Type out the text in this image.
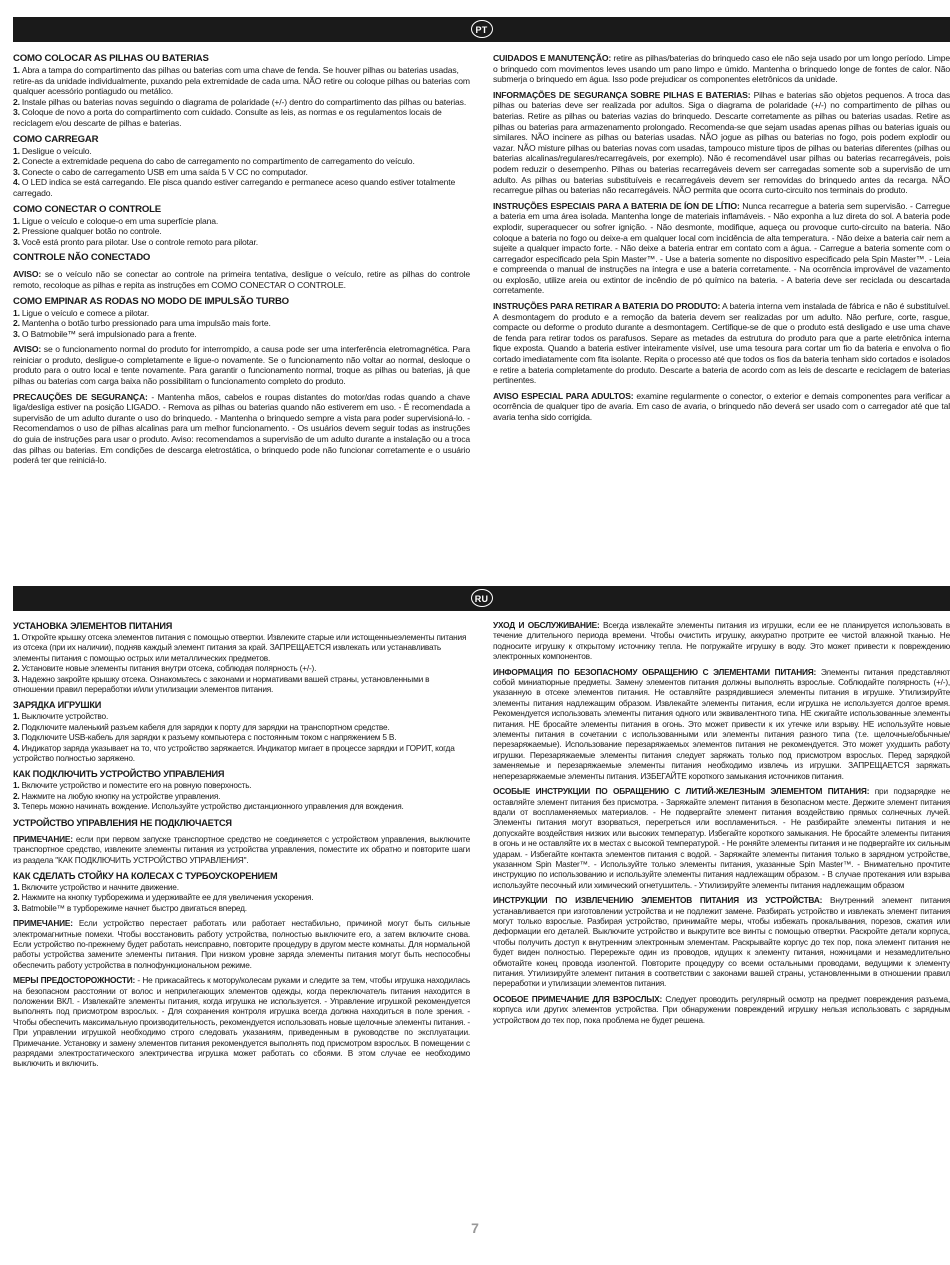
PT
COMO COLOCAR AS PILHAS OU BATERIAS
1. Abra a tampa do compartimento das pilhas ou baterias com uma chave de fenda. Se houver pilhas ou baterias usadas, retire-as da unidade individualmente, puxando pela extremidade de cada uma. NÃO retire ou coloque pilhas ou baterias com qualquer acessório pontiagudo ou metálico.
2. Instale pilhas ou baterias novas seguindo o diagrama de polaridade (+/-) dentro do compartimento das pilhas ou baterias.
3. Coloque de novo a porta do compartimento com cuidado. Consulte as leis, as normas e os regulamentos locais de reciclagem e/ou descarte de pilhas e baterias.
COMO CARREGAR
1. Desligue o veículo.
2. Conecte a extremidade pequena do cabo de carregamento no compartimento de carregamento do veículo.
3. Conecte o cabo de carregamento USB em uma saída 5 V CC no computador.
4. O LED indica se está carregando. Ele pisca quando estiver carregando e permanece aceso quando estiver totalmente carregado.
COMO CONECTAR O CONTROLE
1. Ligue o veículo e coloque-o em uma superfície plana.
2. Pressione qualquer botão no controle.
3. Você está pronto para pilotar. Use o controle remoto para pilotar.
CONTROLE NÃO CONECTADO

AVISO: se o veículo não se conectar ao controle na primeira tentativa, desligue o veículo, retire as pilhas do controle remoto, recoloque as pilhas e repita as instruções em COMO CONECTAR O CONTROLE.

COMO EMPINAR AS RODAS NO MODO DE IMPULSÃO TURBO
1. Ligue o veículo e comece a pilotar.
2. Mantenha o botão turbo pressionado para uma impulsão mais forte.
3. O Batmobile™ será impulsionado para a frente.

AVISO: se o funcionamento normal do produto for interrompido, a causa pode ser uma interferência eletromagnética. Para reiniciar o produto, desligue-o completamente e ligue-o novamente. Se o funcionamento não voltar ao normal, desloque o produto para o outro local e tente novamente. Para garantir o funcionamento normal, troque as pilhas ou baterias, já que pilhas ou baterias com carga baixa não possibilitam o funcionamento completo do produto.

PRECAUÇÕES DE SEGURANÇA: - Mantenha mãos, cabelos e roupas distantes do motor/das rodas quando a chave liga/desliga estiver na posição LIGADO. - Remova as pilhas ou baterias quando não estiverem em uso. - É recomendada a supervisão de um adulto durante o uso do brinquedo. - Mantenha o brinquedo sempre a vista para poder supervisioná-lo. - Recomendamos o uso de pilhas alcalinas para um melhor funcionamento. - Os usuários devem seguir todas as instruções do guia de instruções para usar o produto. Aviso: recomendamos a supervisão de um adulto durante a instalação ou a troca das pilhas ou baterias. Em condições de descarga eletrostática, o brinquedo pode não funcionar corretamente e o usuário poderá ter que reiniciá-lo.

CUIDADOS E MANUTENÇÃO: retire as pilhas/baterias do brinquedo caso ele não seja usado por um longo período. Limpe o brinquedo com movimentos leves usando um pano limpo e úmido. Mantenha o brinquedo longe de fontes de calor. Não submerja o brinquedo em água. Isso pode prejudicar os componentes eletrônicos da unidade.

INFORMAÇÕES DE SEGURANÇA SOBRE PILHAS E BATERIAS: Pilhas e baterias são objetos pequenos. A troca das pilhas ou baterias deve ser realizada por adultos. Siga o diagrama de polaridade (+/-) no compartimento de pilhas ou baterias. Retire as pilhas ou baterias vazias do brinquedo. Descarte corretamente as pilhas ou baterias usadas. Retire as pilhas ou baterias para armazenamento prolongado. Recomenda-se que sejam usadas apenas pilhas ou baterias iguais ou similares. NÃO incinere as pilhas ou baterias usadas. NÃO jogue as pilhas ou baterias no fogo, pois podem explodir ou vazar. NÃO misture pilhas ou baterias novas com usadas, tampouco misture tipos de pilhas ou baterias diferentes (pilhas ou baterias alcalinas/regulares/recarregáveis, por exemplo). Não é recomendável usar pilhas ou baterias recarregáveis, pois podem reduzir o desempenho. Pilhas ou baterias recarregáveis devem ser carregadas somente sob a supervisão de um adulto. As pilhas ou baterias substituíveis e recarregáveis devem ser removidas do brinquedo antes da recarga. NÃO recarregue pilhas ou baterias não recarregáveis. NÃO permita que ocorra curto-circuito nos terminais do produto.

INSTRUÇÕES ESPECIAIS PARA A BATERIA DE ÍON DE LÍTIO: Nunca recarregue a bateria sem supervisão. - Carregue a bateria em uma área isolada. Mantenha longe de materiais inflamáveis. - Não exponha a luz direta do sol. A bateria pode explodir, superaquecer ou sofrer ignição. - Não desmonte, modifique, aqueça ou provoque curto-circuito na bateria. Não coloque a bateria no fogo ou deixe-a em qualquer local com incidência de alta temperatura. - Não deixe a bateria cair nem a sujeite a qualquer impacto forte. - Não deixe a bateria entrar em contato com a água. - Carregue a bateria somente com o carregador especificado pela Spin Master™. - Use a bateria somente no dispositivo especificado pela Spin Master™. - Leia e compreenda o manual de instruções na íntegra e use a bateria corretamente. - Na ocorrência improvável de vazamento ou explosão, utilize areia ou extintor de incêndio de pó químico na bateria. - A bateria deve ser reciclada ou descartada corretamente.

INSTRUÇÕES PARA RETIRAR A BATERIA DO PRODUTO: A bateria interna vem instalada de fábrica e não é substituível. A desmontagem do produto e a remoção da bateria devem ser realizadas por um adulto. Não perfure, corte, rasgue, compacte ou deforme o produto durante a desmontagem. Certifique-se de que o produto está desligado e use uma chave de fenda para retirar todos os parafusos. Separe as metades da estrutura do produto para que a parte eletrônica interna fique exposta. Quando a bateria estiver inteiramente visível, use uma tesoura para cortar um fio da bateria e envolva o fio cortado imediatamente com fita isolante. Repita o processo até que todos os fios da bateria tenham sido cortados e isolados e retire a bateria completamente do produto. Descarte a bateria de acordo com as leis de descarte e reciclagem de baterias pertinentes.

AVISO ESPECIAL PARA ADULTOS: examine regularmente o conector, o exterior e demais componentes para verificar a ocorrência de qualquer tipo de avaria. Em caso de avaria, o brinquedo não deverá ser usado com o carregador até que tal avaria tenha sido corrigida.

RU
УСТАНОВКА ЭЛЕМЕНТОВ ПИТАНИЯ
1. Откройте крышку отсека элементов питания с помощью отвертки. Извлеките старые или истощенныеэлементы питания из отсека (при их наличии), подняв каждый элемент питания за край. ЗАПРЕЩАЕТСЯ извлекать или устанавливать элементы питания с помощью острых или металлических предметов.
2. Установите новые элементы питания внутри отсека, соблюдая полярность (+/-).
3. Надежно закройте крышку отсека. Ознакомьтесь с законами и нормативами вашей страны, установленными в отношении правил переработки и/или утилизации элементов питания.
ЗАРЯДКА ИГРУШКИ
1. Выключите устройство.
2. Подключите маленький разъем кабеля для зарядки к порту для зарядки на транспортном средстве.
3. Подключите USB-кабель для зарядки к разъему компьютера с постоянным током с напряжением 5 В.
4. Индикатор заряда указывает на то, что устройство заряжается. Индикатор мигает в процессе зарядки и ГОРИТ, когда устройство полностью заряжено.
КАК ПОДКЛЮЧИТЬ УСТРОЙСТВО УПРАВЛЕНИЯ
1. Включите устройство и поместите его на ровную поверхность.
2. Нажмите на любую кнопку на устройстве управления.
3. Теперь можно начинать вождение. Используйте устройство дистанционного управления для вождения.
УСТРОЙСТВО УПРАВЛЕНИЯ НЕ ПОДКЛЮЧАЕТСЯ

ПРИМЕЧАНИЕ: если при первом запуске транспортное средство не соединяется с устройством управления, выключите транспортное средство, извлеките элементы питания из устройства управления, поместите их обратно и повторите шаги из раздела "КАК ПОДКЛЮЧИТЬ УСТРОЙСТВО УПРАВЛЕНИЯ".

КАК СДЕЛАТЬ СТОЙКУ НА КОЛЕСАХ С ТУРБОУСКОРЕНИЕМ
1. Включите устройство и начните движение.
2. Нажмите на кнопку турборежима и удерживайте ее для увеличения ускорения.
3. Batmobile™ в турборежиме начнет быстро двигаться вперед.

ПРИМЕЧАНИЕ: Если устройство перестает работать или работает нестабильно, причиной могут быть сильные электромагнитные помехи. Чтобы восстановить работу устройства, полностью выключите его, а затем включите снова. Если устройство по-прежнему будет работать неисправно, повторите процедуру в другом месте комнаты. Для нормальной работы устройства замените элементы питания. При низком уровне заряда элементы питания могут быть неспособны обеспечить работу устройства в полнофункциональном режиме.

МЕРЫ ПРЕДОСТОРОЖНОСТИ: - Не прикасайтесь к мотору/колесам руками и следите за тем, чтобы игрушка находилась на безопасном расстоянии от волос и неприлегающих элементов одежды, когда переключатель питания находится в положении ВКЛ. - Извлекайте элементы питания, когда игрушка не используется. - Управление игрушкой рекомендуется выполнять под присмотром взрослых. - Для сохранения контроля игрушка всегда должна находиться в поле зрения. - Чтобы обеспечить максимальную производительность, рекомендуется использовать новые щелочные элементы питания. - При управлении игрушкой необходимо строго следовать указаниям, приведенным в руководстве по эксплуатации. Примечание. Установку и замену элементов питания рекомендуется выполнять под присмотром взрослых. В помещении с разрядами электростатического электричества игрушка может работать со сбоями. В этом случае ее необходимо выключить и включить.

УХОД И ОБСЛУЖИВАНИЕ: Всегда извлекайте элементы питания из игрушки, если ее не планируется использовать в течение длительного периода времени. Чтобы очистить игрушку, аккуратно протрите ее чистой влажной тканью. Не подносите игрушку к открытому источнику тепла. Не погружайте игрушку в воду. Это может привести к повреждению электронных компонентов.

ИНФОРМАЦИЯ ПО БЕЗОПАСНОМУ ОБРАЩЕНИЮ С ЭЛЕМЕНТАМИ ПИТАНИЯ: Элементы питания представляют собой миниатюрные предметы. Замену элементов питания должны выполнять взрослые. Соблюдайте полярность (+/-), указанную в отсеке элементов питания. Не оставляйте разрядившиеся элементы питания в игрушке. Утилизируйте элементы питания надлежащим образом. Извлекайте элементы питания, если игрушка не используется долгое время. Рекомендуется использовать элементы питания одного или эквивалентного типа. НЕ сжигайте использованные элементы питания. НЕ бросайте элементы питания в огонь. Это может привести к их утечке или взрыву. НЕ используйте новые элементы питания в сочетании с использованными или элементы питания разного типа (т.е. щелочные/обычные/перезаряжаемые). Использование перезаряжаемых элементов питания не рекомендуется. Это может ухудшить работу игрушки. Перезаряжаемые элементы питания следует заряжать только под присмотром взрослых. Перед зарядкой заменяемые и перезаряжаемые элементы питания необходимо извлечь из игрушки. ЗАПРЕЩАЕТСЯ заряжать неперезаряжаемые элементы питания. ИЗБЕГАЙТЕ короткого замыкания источников питания.

ОСОБЫЕ ИНСТРУКЦИИ ПО ОБРАЩЕНИЮ С ЛИТИЙ-ЖЕЛЕЗНЫМ ЭЛЕМЕНТОМ ПИТАНИЯ: при подзарядке не оставляйте элемент питания без присмотра. - Заряжайте элемент питания в безопасном месте. Держите элемент питания вдали от воспламеняемых материалов. - Не подвергайте элемент питания воздействию прямых солнечных лучей. Элементы питания могут взорваться, перегреться или воспламениться. - Не разбирайте элементы питания и не допускайте воздействия низких или высоких температур. Избегайте короткого замыкания. Не бросайте элементы питания в огонь и не оставляйте их в местах с высокой температурой. - Не роняйте элементы питания и не подвергайте их сильным ударам. - Избегайте контакта элементов питания с водой. - Заряжайте элементы питания только в зарядном устройстве, указанном Spin Master™. - Используйте только элементы питания, указанные Spin Master™. - Внимательно прочтите инструкцию по использованию и используйте элементы питания надлежащим образом. - В случае протекания или взрыва используйте песочный или химический огнетушитель. - Утилизируйте элементы питания надлежащим образом

ИНСТРУКЦИИ ПО ИЗВЛЕЧЕНИЮ ЭЛЕМЕНТОВ ПИТАНИЯ ИЗ УСТРОЙСТВА: Внутренний элемент питания устанавливается при изготовлении устройства и не подлежит замене. Разбирать устройство и извлекать элемент питания могут только взрослые. Разбирая устройство, принимайте меры, чтобы избежать прокалывания, порезов, сжатия или деформации его деталей. Выключите устройство и выкрутите все винты с помощью отвертки. Раскройте детали корпуса, чтобы получить доступ к внутренним электронным элементам. Раскрывайте корпус до тех пор, пока элемент питания не будет виден полностью. Перережьте один из проводов, идущих к элементу питания, ножницами и незамедлительно обмотайте конец провода изолентой. Повторите процедуру со всеми остальными проводами, ведущими к элементу питания. Утилизируйте элемент питания в соответствии с законами вашей страны, установленными в отношении правил переработки и утилизации элементов питания.

ОСОБОЕ ПРИМЕЧАНИЕ ДЛЯ ВЗРОСЛЫХ: Следует проводить регулярный осмотр на предмет повреждения разъема, корпуса или других элементов устройства. При обнаружении повреждений игрушку нельзя использовать с зарядным устройством до тех пор, пока проблема не будет решена.

7
